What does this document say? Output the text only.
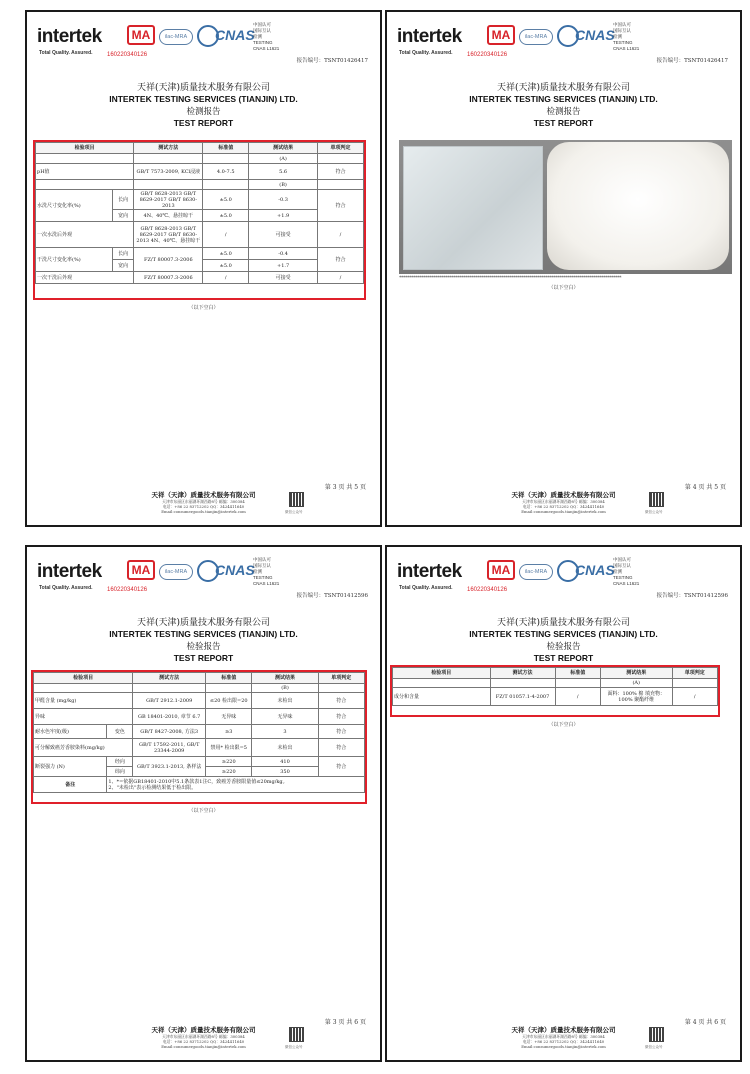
intertek
Total Quality. Assured.
MA
160220340126
ilac-MRA	CNAS
中国认可
国际互认
检测
TESTING
CNAS L1621
报告编号：TSNT01426417
天祥(天津)质量技术服务有限公司
INTERTEK TESTING SERVICES (TIANJIN) LTD.
检测报告
TEST REPORT
检验项目		测试方法	标准值	测试结果	单项判定
				(A)	
pH值		GB/T 7573-2009, KCl浸液	4.0-7.5	5.6	符合
				(B)	
水洗尺寸变化率(%)	长向	GB/T 8628-2013 GB/T 8629-2017 GB/T 8630-2013	±5.0	-0.3	符合
	宽向	4N、40℃、悬挂晾干	±5.0	+1.9	
一次水洗后外观		GB/T 8628-2013 GB/T 8629-2017 GB/T 8630-2013 4N、40℃、悬挂晾干	/	可接受	/
干洗尺寸变化率(%)	长向	FZ/T 80007.3-2006	±5.0	-0.4	符合
	宽向		±5.0	+1.7	
一次干洗后外观		FZ/T 80007.3-2006	/	可接受	/
（以下空白）
第 3 页 共 5 页
天祥（天津）质量技术服务有限公司
天津市东丽区东丽湖环湖西路8号 邮编：300384
电话：+86 22 83712202 QQ：3424411640
Email:consumergoods.tianjin@intertek.com	微信公众号
intertek
Total Quality. Assured.
MA
160220340126
ilac-MRA	CNAS
中国认可
国际互认
检测
TESTING
CNAS L1621
报告编号：TSNT01426417
天祥(天津)质量技术服务有限公司
INTERTEK TESTING SERVICES (TIANJIN) LTD.
检测报告
TEST REPORT
***************************************************************************************************************
（以下空白）
第 4 页 共 5 页
天祥（天津）质量技术服务有限公司
天津市东丽区东丽湖环湖西路8号 邮编：300384
电话：+86 22 83712202 QQ：3424411640
Email:consumergoods.tianjin@intertek.com	微信公众号
intertek
Total Quality. Assured.
MA
160220340126
ilac-MRA	CNAS
中国认可
国际互认
检测
TESTING
CNAS L1621
报告编号：TSNT01412596
天祥(天津)质量技术服务有限公司
INTERTEK TESTING SERVICES (TIANJIN) LTD.
检验报告
TEST REPORT
检验项目		测试方法	标准值	测试结果	单项判定
				(B)	
甲醛含量 (mg/kg)		GB/T 2912.1-2009	≤20 检出限=20	未检出	符合
异味		GB 18401-2010, 章节 6.7	无异味	无异味	符合
耐水色牢度(级)	变色	GB/T 8427-2008, 方法3	≥3	3	符合
可分解致癌芳香胺染料(mg/kg)		GB/T 17592-2011, GB/T 23344-2009	禁用* 检出限=5	未检出	符合
断裂强力 (N)	经向	GB/T 3923.1-2013, 条样法	≥220	410	符合
	纬向		≥220	350	
备注	1、*=依据GB18401-2010中5.1条款表1注C，致癌芳香胺限量值≤20mg/kg。
2、"未检出"表示检测结果低于检出限。				
（以下空白）
第 3 页 共 6 页
天祥（天津）质量技术服务有限公司
天津市东丽区东丽湖环湖西路8号 邮编：300384
电话：+86 22 83712202 QQ：3424411640
Email:consumergoods.tianjin@intertek.com	微信公众号
intertek
Total Quality. Assured.
MA
160220340126
ilac-MRA	CNAS
中国认可
国际互认
检测
TESTING
CNAS L1621
报告编号：TSNT01412596
天祥(天津)质量技术服务有限公司
INTERTEK TESTING SERVICES (TIANJIN) LTD.
检验报告
TEST REPORT
检验项目	测试方法	标准值	测试结果	单项判定
			(A)	
成分和含量	FZ/T 01057.1-4-2007	/	面料：100% 棉 填充物：100% 聚酯纤维	/
（以下空白）
第 4 页 共 6 页
天祥（天津）质量技术服务有限公司
天津市东丽区东丽湖环湖西路8号 邮编：300384
电话：+86 22 83712202 QQ：3424411640
Email:consumergoods.tianjin@intertek.com	微信公众号
